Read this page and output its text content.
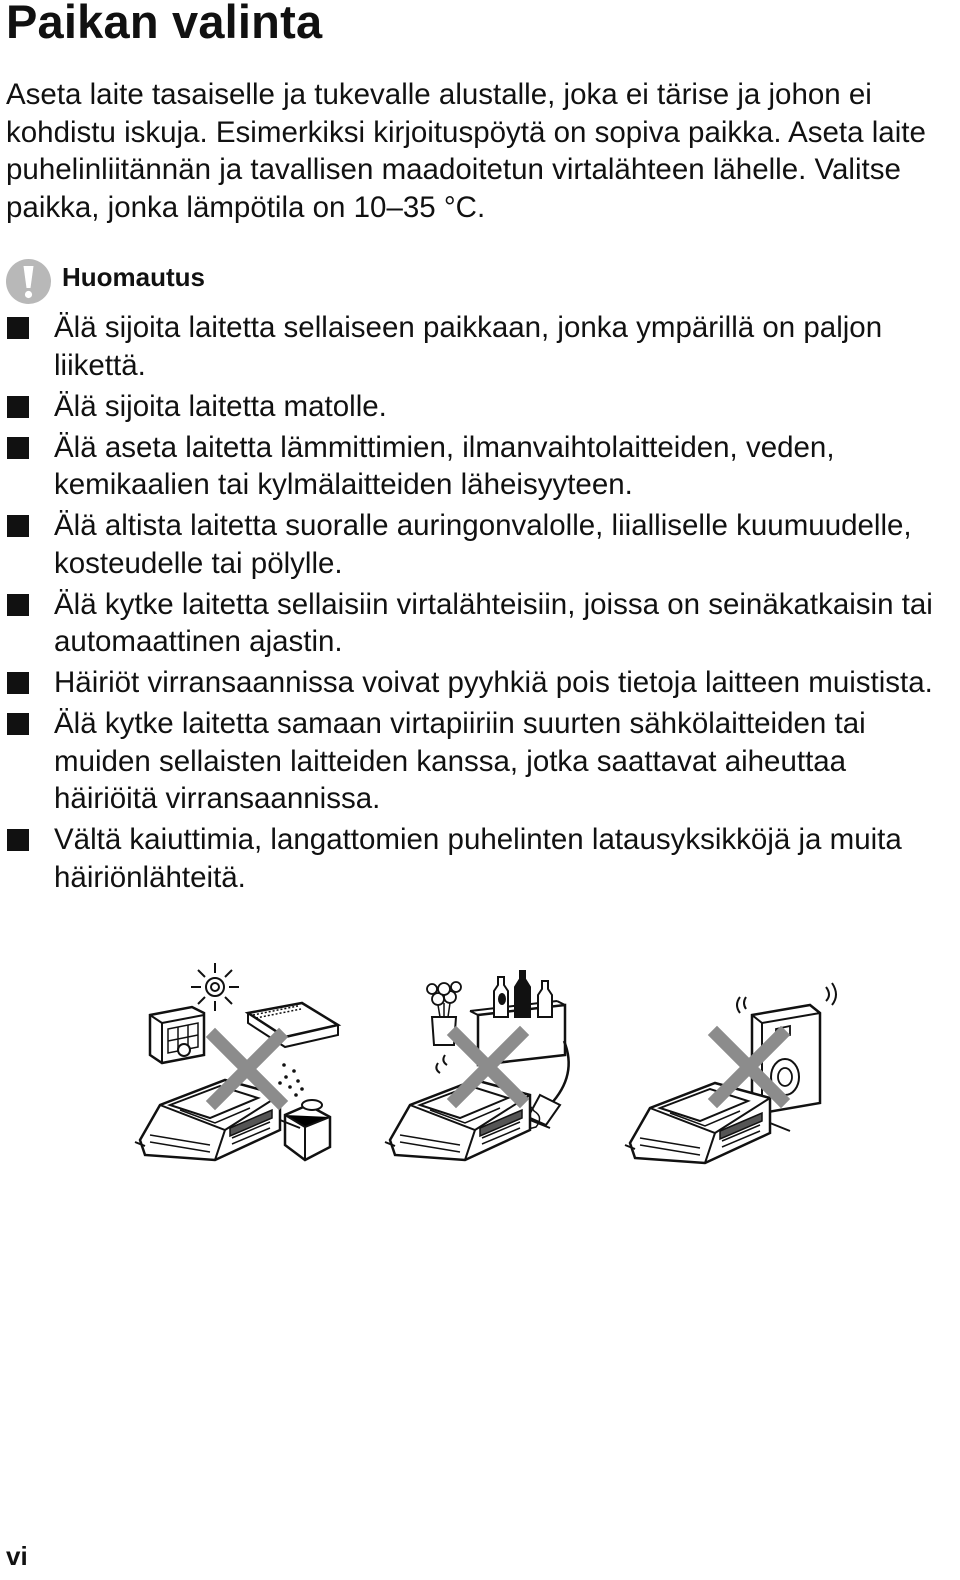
Paikan valinta

Aseta laite tasaiselle ja tukevalle alustalle, joka ei tärise ja johon ei kohdistu iskuja. Esimerkiksi kirjoituspöytä on sopiva paikka. Aseta laite puhelinliitännän ja tavallisen maadoitetun virtalähteen lähelle. Valitse paikka, jonka lämpötila on 10–35 °C.

Huomautus
Älä sijoita laitetta sellaiseen paikkaan, jonka ympärillä on paljon liikettä.
Älä sijoita laitetta matolle.
Älä aseta laitetta lämmittimien, ilmanvaihtolaitteiden, veden, kemikaalien tai kylmälaitteiden läheisyyteen.
Älä altista laitetta suoralle auringonvalolle, liialliselle kuumuudelle, kosteudelle tai pölylle.
Älä kytke laitetta sellaisiin virtalähteisiin, joissa on seinäkatkaisin tai automaattinen ajastin.
Häiriöt virransaannissa voivat pyyhkiä pois tietoja laitteen muistista.
Älä kytke laitetta samaan virtapiiriin suurten sähkölaitteiden tai muiden sellaisten laitteiden kanssa, jotka saattavat aiheuttaa häiriöitä virransaannissa.
Vältä kaiuttimia, langattomien puhelinten latausyksikköjä ja muita häiriönlähteitä.
vi
